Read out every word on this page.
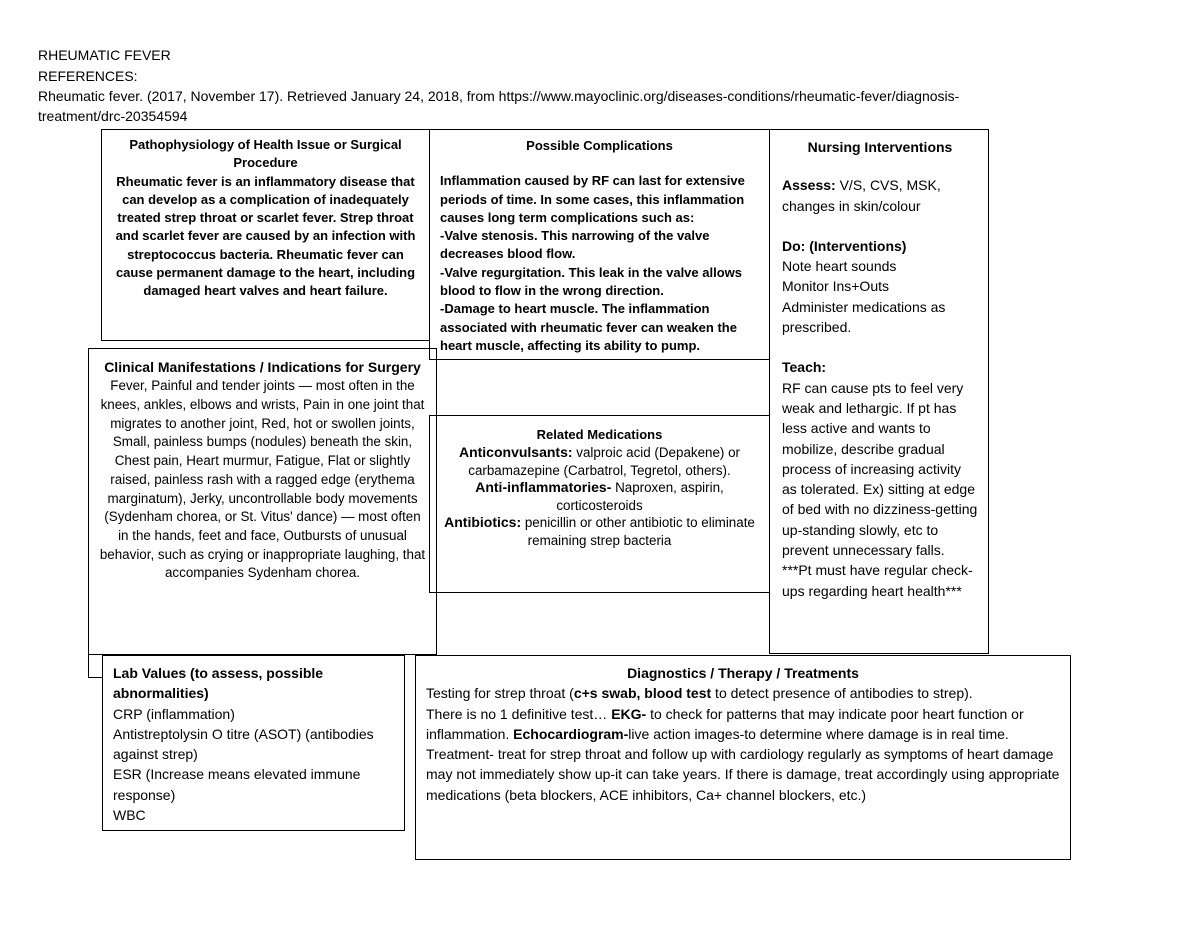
RHEUMATIC FEVER
REFERENCES:
Rheumatic fever. (2017, November 17). Retrieved January 24, 2018, from https://www.mayoclinic.org/diseases-conditions/rheumatic-fever/diagnosis-
treatment/drc-20354594
Pathophysiology of Health Issue or Surgical Procedure
Rheumatic fever is an inflammatory disease that can develop as a complication of inadequately treated strep throat or scarlet fever. Strep throat and scarlet fever are caused by an infection with streptococcus bacteria. Rheumatic fever can cause permanent damage to the heart, including damaged heart valves and heart failure.
Possible Complications
Inflammation caused by RF can last for extensive periods of time. In some cases, this inflammation causes long term complications such as:
-Valve stenosis. This narrowing of the valve decreases blood flow.
-Valve regurgitation. This leak in the valve allows blood to flow in the wrong direction.
-Damage to heart muscle. The inflammation associated with rheumatic fever can weaken the heart muscle, affecting its ability to pump.
Nursing Interventions
Assess: V/S, CVS, MSK, changes in skin/colour
Do: (Interventions)
Note heart sounds
Monitor Ins+Outs
Administer medications as prescribed.
Teach:
RF can cause pts to feel very weak and lethargic. If pt has less active and wants to mobilize, describe gradual process of increasing activity as tolerated. Ex) sitting at edge of bed with no dizziness-getting up-standing slowly, etc to prevent unnecessary falls.
***Pt must have regular check-ups regarding heart health***
Clinical Manifestations / Indications for Surgery
Fever, Painful and tender joints — most often in the knees, ankles, elbows and wrists, Pain in one joint that migrates to another joint, Red, hot or swollen joints, Small, painless bumps (nodules) beneath the skin, Chest pain, Heart murmur, Fatigue, Flat or slightly raised, painless rash with a ragged edge (erythema marginatum), Jerky, uncontrollable body movements (Sydenham chorea, or St. Vitus' dance) — most often in the hands, feet and face, Outbursts of unusual behavior, such as crying or inappropriate laughing, that accompanies Sydenham chorea.
Related Medications
Anticonvulsants: valproic acid (Depakene) or carbamazepine (Carbatrol, Tegretol, others).
Anti-inflammatories- Naproxen, aspirin, corticosteroids
Antibiotics: penicillin or other antibiotic to eliminate remaining strep bacteria
Lab Values (to assess, possible abnormalities)
CRP (inflammation)
Antistreptolysin O titre (ASOT) (antibodies against strep)
ESR (Increase means elevated immune response)
WBC
Diagnostics / Therapy / Treatments
Testing for strep throat (c+s swab, blood test to detect presence of antibodies to strep).
There is no 1 definitive test… EKG- to check for patterns that may indicate poor heart function or inflammation. Echocardiogram-live action images-to determine where damage is in real time.
Treatment- treat for strep throat and follow up with cardiology regularly as symptoms of heart damage may not immediately show up-it can take years. If there is damage, treat accordingly using appropriate medications (beta blockers, ACE inhibitors, Ca+ channel blockers, etc.)
